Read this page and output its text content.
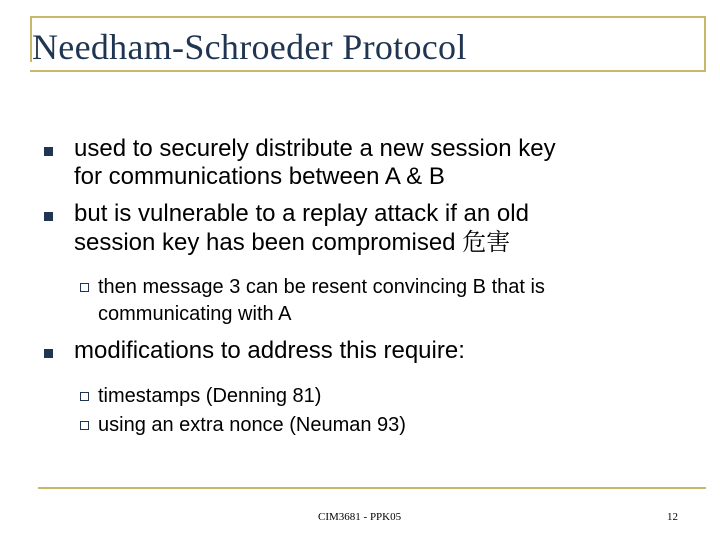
Needham-Schroeder Protocol
used to securely distribute a new session key
for communications between A & B
but is vulnerable to a replay attack if an old
session key has been compromised 危害
then message 3 can be resent convincing B that is
communicating with A
modifications to address this require:
timestamps (Denning 81)
using an extra nonce (Neuman 93)
CIM3681 - PPK05	12
